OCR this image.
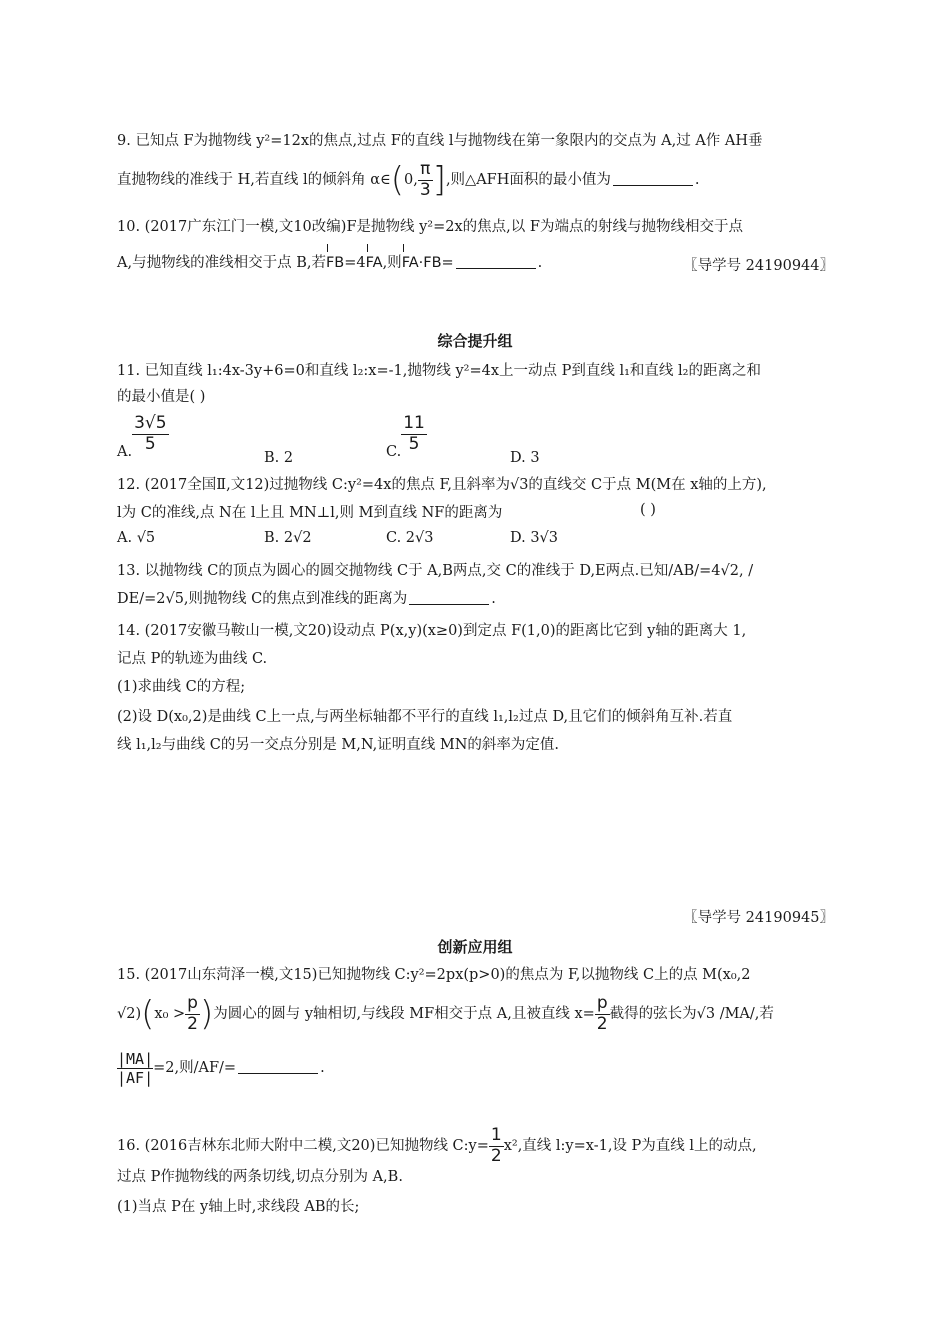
9. 已知点 F为抛物线 y²=12x的焦点,过点 F的直线 l与抛物线在第一象限内的交点为 A,过 A作 AH垂
直抛物线的准线于 H,若直线 l的倾斜角 α∈(0, $\frac{\pi}{3}$ ],则△AFH面积的最小值为	.
10. (2017广东江门一模,文10改编)F是抛物线 y²=2x的焦点,以 F为端点的射线与抛物线相交于点
A,与抛物线的准线相交于点 B,若FB=4FA,则FA·FB=	.	〖导学号 24190944〗
综合提升组
11. 已知直线 l₁:4x-3y+6=0和直线 l₂:x=-1,抛物线 y²=4x上一动点 P到直线 l₁和直线 l₂的距离之和
的最小值是( )
A. $\frac{3√5}{5}$
B. 2	C. $\frac{11}{5}$
D. 3
12. (2017全国Ⅱ,文12)过抛物线 C:y²=4x的焦点 F,且斜率为√3的直线交 C于点 M(M在 x轴的上方),
l为 C的准线,点 N在 l上且 MN⊥l,则 M到直线 NF的距离为	( )
A. √5	B. 2√2	C. 2√3	D. 3√3
13. 以抛物线 C的顶点为圆心的圆交抛物线 C于 A,B两点,交 C的准线于 D,E两点.已知/AB/=4√2, /
DE/=2√5,则抛物线 C的焦点到准线的距离为	.
14. (2017安徽马鞍山一模,文20)设动点 P(x,y)(x≥0)到定点 F(1,0)的距离比它到 y轴的距离大 1,
记点 P的轨迹为曲线 C.
(1)求曲线 C的方程;
(2)设 D(x₀,2)是曲线 C上一点,与两坐标轴都不平行的直线 l₁,l₂过点 D,且它们的倾斜角互补.若直
线 l₁,l₂与曲线 C的另一交点分别是 M,N,证明直线 MN的斜率为定值.
〖导学号 24190945〗
创新应用组
15. (2017山东菏泽一模,文15)已知抛物线 C:y²=2px(p>0)的焦点为 F,以抛物线 C上的点 M(x₀,2
$√2)(x_0 > \frac{p}{2}$ )为圆心的圆与 y轴相切,与线段 MF相交于点 A,且被直线 $x= \frac{p}{2}$ 截得的弦长为√3 /MA/,若
$\frac{|MA|}{|AF|} =2$,则/AF/=	.
16. (2016吉林东北师大附中二模,文20)已知抛物线 C:y= $\frac{1}{2} x^2$,直线 l:y=x-1,设 P为直线 l上的动点,
过点 P作抛物线的两条切线,切点分别为 A,B.
(1)当点 P在 y轴上时,求线段 AB的长;
